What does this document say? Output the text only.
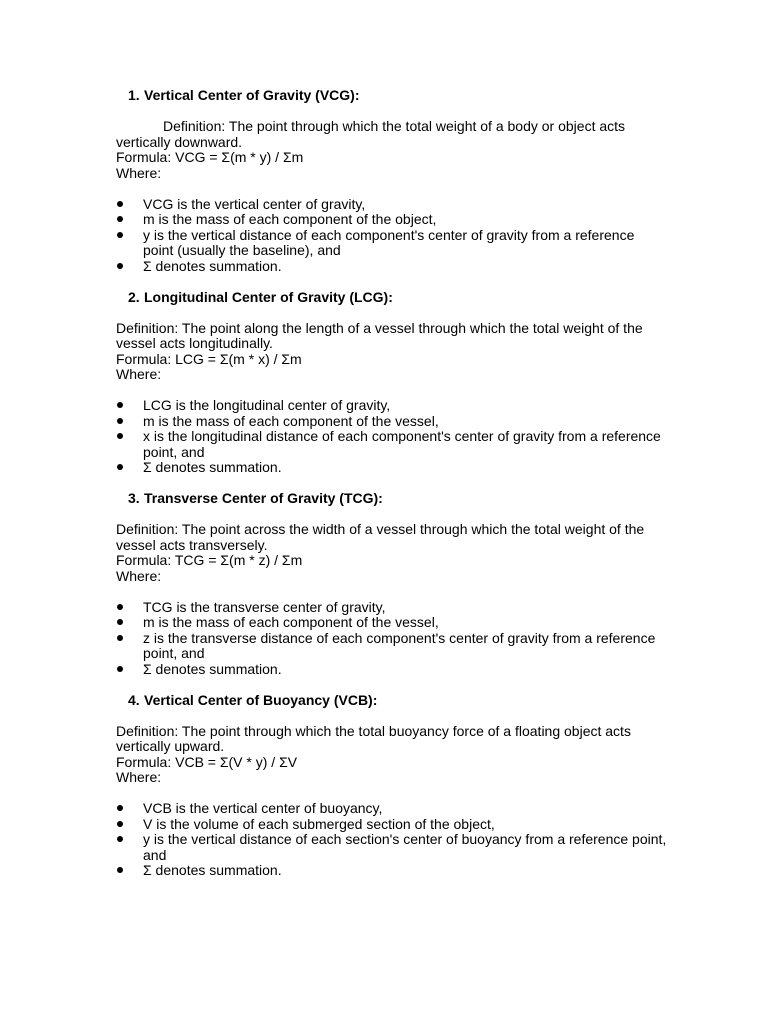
1. Vertical Center of Gravity (VCG):

Definition: The point through which the total weight of a body or object acts vertically downward.

Formula: VCG = Σ(m * y) / Σm

Where:

VCG is the vertical center of gravity,
m is the mass of each component of the object,
y is the vertical distance of each component's center of gravity from a reference point (usually the baseline), and
Σ denotes summation.
2. Longitudinal Center of Gravity (LCG):

Definition: The point along the length of a vessel through which the total weight of the vessel acts longitudinally.

Formula: LCG = Σ(m * x) / Σm

Where:

LCG is the longitudinal center of gravity,
m is the mass of each component of the vessel,
x is the longitudinal distance of each component's center of gravity from a reference point, and
Σ denotes summation.
3. Transverse Center of Gravity (TCG):

Definition: The point across the width of a vessel through which the total weight of the vessel acts transversely.

Formula: TCG = Σ(m * z) / Σm

Where:

TCG is the transverse center of gravity,
m is the mass of each component of the vessel,
z is the transverse distance of each component's center of gravity from a reference point, and
Σ denotes summation.
4. Vertical Center of Buoyancy (VCB):

Definition: The point through which the total buoyancy force of a floating object acts vertically upward.

Formula: VCB = Σ(V * y) / ΣV

Where:

VCB is the vertical center of buoyancy,
V is the volume of each submerged section of the object,
y is the vertical distance of each section's center of buoyancy from a reference point, and
Σ denotes summation.
